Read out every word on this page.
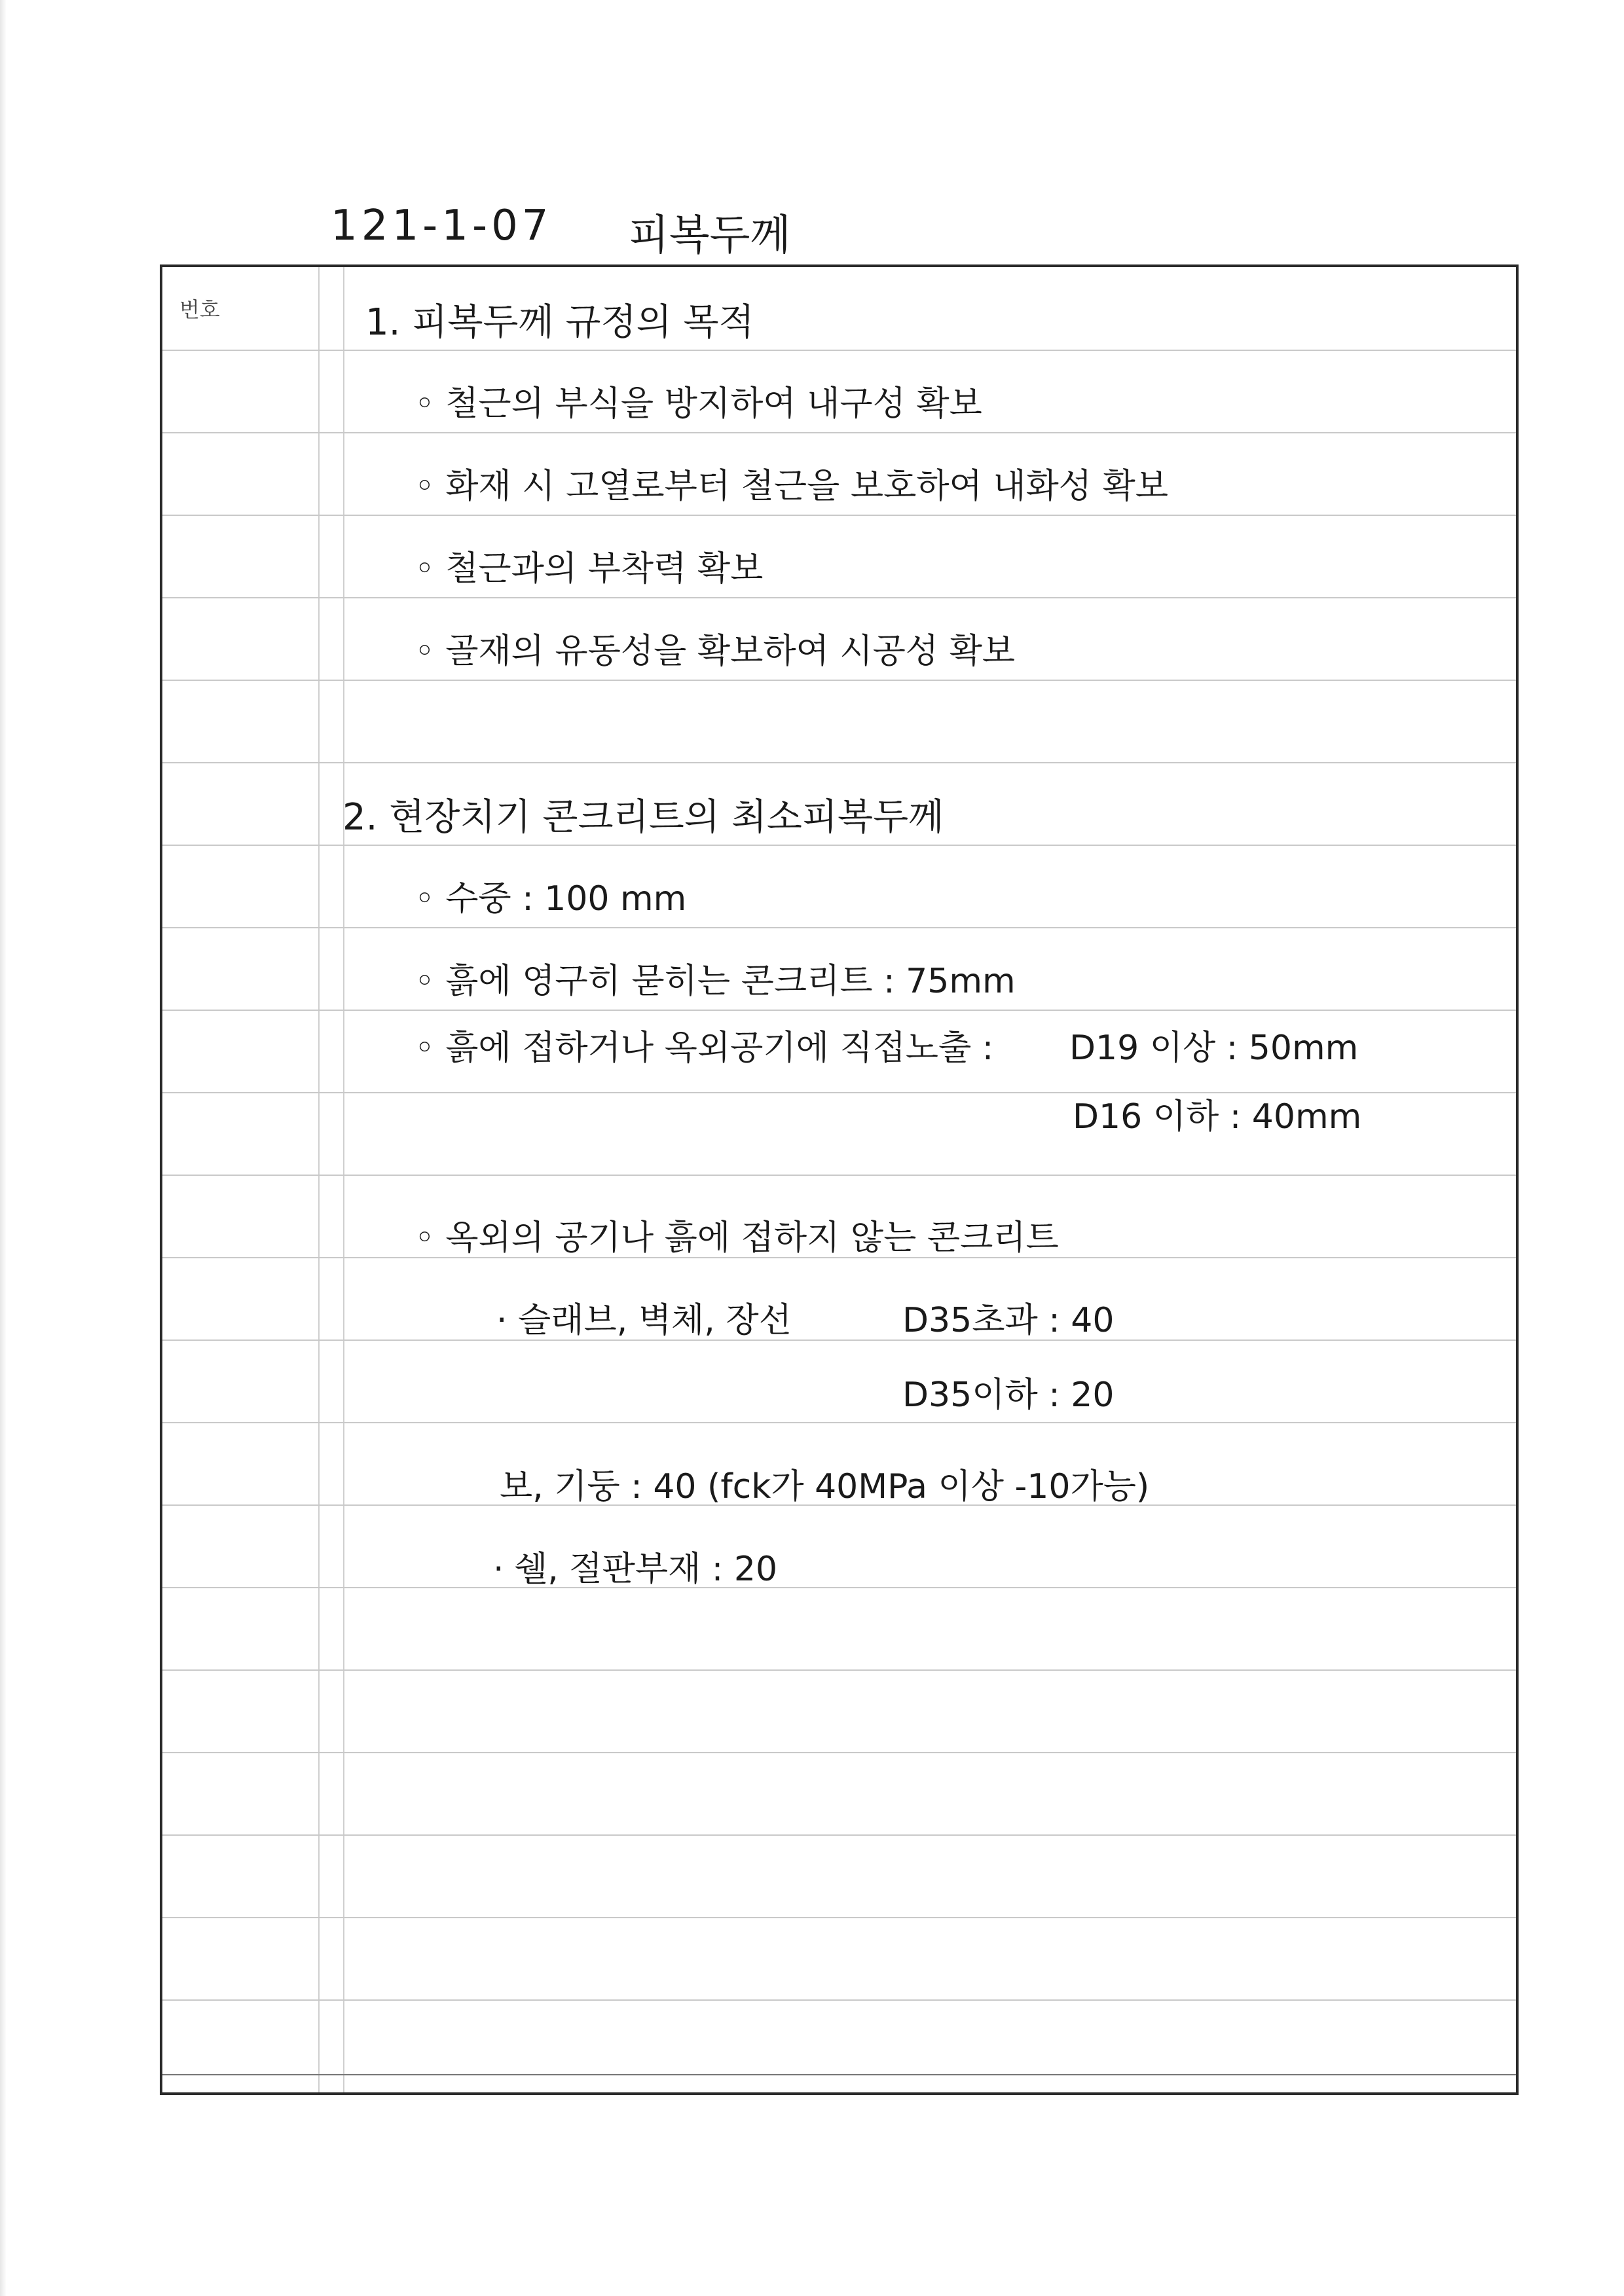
121-1-07 피복두께
번호	1. 피복두께 규정의 목적
◦ 철근의 부식을 방지하여 내구성 확보
◦ 화재 시 고열로부터 철근을 보호하여 내화성 확보
◦ 철근과의 부착력 확보
◦ 골재의 유동성을 확보하여 시공성 확보
2. 현장치기 콘크리트의 최소피복두께
◦ 수중 : 100 mm
◦ 흙에 영구히 묻히는 콘크리트 : 75mm
◦ 흙에 접하거나 옥외공기에 직접노출 : D19 이상 : 50mm
D16 이하 : 40mm
◦ 옥외의 공기나 흙에 접하지 않는 콘크리트
· 슬래브, 벽체, 장선	D35초과 : 40
D35이하 : 20
보, 기둥 : 40 (fck가 40MPa 이상 -10가능)
· 쉘, 절판부재 : 20
